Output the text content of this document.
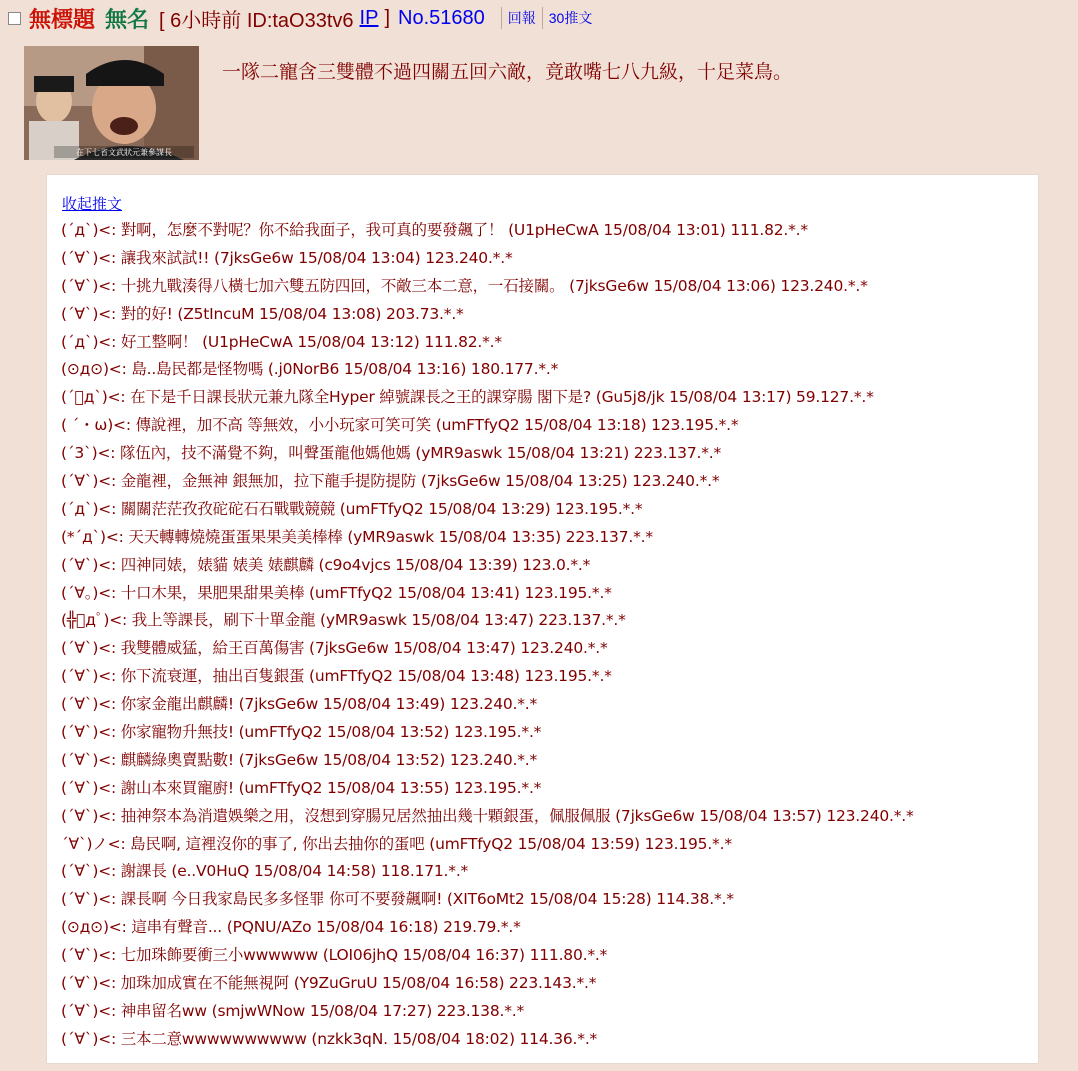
無標題 無名 [ 6小時前 ID:taO33tv6 IP ] No.51680 回報 30推文
在下七省文武狀元兼參謀長
一隊二寵含三雙體不過四關五回六敵，竟敢嘴七八九級，十足菜鳥。
收起推文
(´д`)<: 對啊，怎麼不對呢？你不給我面子，我可真的要發飆了！ (U1pHeCwA 15/08/04 13:01) 111.82.*.*
(´∀`)<: 讓我來試試!! (7jksGe6w 15/08/04 13:04) 123.240.*.*
(´∀`)<: 十挑九戰湊得八橫七加六雙五防四回，不敵三本二意，一石接關。 (7jksGe6w 15/08/04 13:06) 123.240.*.*
(´∀`)<: 對的好! (Z5tIncuM 15/08/04 13:08) 203.73.*.*
(´д`)<: 好工整啊！ (U1pHeCwA 15/08/04 13:12) 111.82.*.*
(⊙д⊙)<: 島..島民都是怪物嗎 (.j0NorB6 15/08/04 13:16) 180.177.*.*
(´ﾟд`)<: 在下是千日課長狀元兼九隊全Hyper 綽號課長之王的課穿腸 閣下是? (Gu5j8/jk 15/08/04 13:17) 59.127.*.*
( ´・ω)<: 傳說裡，加不高 等無效，小小玩家可笑可笑 (umFTfyQ2 15/08/04 13:18) 123.195.*.*
(´3`)<: 隊伍內，技不滿覺不夠，叫聲蛋龍他媽他媽 (yMR9aswk 15/08/04 13:21) 223.137.*.*
(´∀`)<: 金龍裡，金無神 銀無加，拉下龍手提防提防 (7jksGe6w 15/08/04 13:25) 123.240.*.*
(´д`)<: 關關茫茫孜孜砣砣石石戰戰競競 (umFTfyQ2 15/08/04 13:29) 123.195.*.*
(*´д`)<: 天天轉轉燒燒蛋蛋果果美美棒棒 (yMR9aswk 15/08/04 13:35) 223.137.*.*
(´∀`)<: 四神同婊，婊貓 婊美 婊麒麟 (c9o4vjcs 15/08/04 13:39) 123.0.*.*
(´∀。)<: 十口木果，果肥果甜果美棒 (umFTfyQ2 15/08/04 13:41) 123.195.*.*
(╬ﾟдﾟ)<: 我上等課長，刷下十單金龍 (yMR9aswk 15/08/04 13:47) 223.137.*.*
(´∀`)<: 我雙體威猛，給王百萬傷害 (7jksGe6w 15/08/04 13:47) 123.240.*.*
(´∀`)<: 你下流衰運，抽出百隻銀蛋 (umFTfyQ2 15/08/04 13:48) 123.195.*.*
(´∀`)<: 你家金龍出麒麟! (7jksGe6w 15/08/04 13:49) 123.240.*.*
(´∀`)<: 你家寵物升無技! (umFTfyQ2 15/08/04 13:52) 123.195.*.*
(´∀`)<: 麒麟綠奧賣點數! (7jksGe6w 15/08/04 13:52) 123.240.*.*
(´∀`)<: 謝山本來買寵廚! (umFTfyQ2 15/08/04 13:55) 123.195.*.*
(´∀`)<: 抽神祭本為消遣娛樂之用，沒想到穿腸兄居然抽出幾十顆銀蛋，佩服佩服 (7jksGe6w 15/08/04 13:57) 123.240.*.*
´∀`)ノ<: 島民啊, 這裡沒你的事了, 你出去抽你的蛋吧 (umFTfyQ2 15/08/04 13:59) 123.195.*.*
(´∀`)<: 謝課長 (e..V0HuQ 15/08/04 14:58) 118.171.*.*
(´∀`)<: 課長啊 今日我家島民多多怪罪 你可不要發飆啊! (XIT6oMt2 15/08/04 15:28) 114.38.*.*
(⊙д⊙)<: 這串有聲音... (PQNU/AZo 15/08/04 16:18) 219.79.*.*
(´∀`)<: 七加珠飾要衝三小wwwwww (LOI06jhQ 15/08/04 16:37) 111.80.*.*
(´∀`)<: 加珠加成實在不能無視阿 (Y9ZuGruU 15/08/04 16:58) 223.143.*.*
(´∀`)<: 神串留名ww (smjwWNow 15/08/04 17:27) 223.138.*.*
(´∀`)<: 三本二意wwwwwwwwww (nzkk3qN. 15/08/04 18:02) 114.36.*.*
